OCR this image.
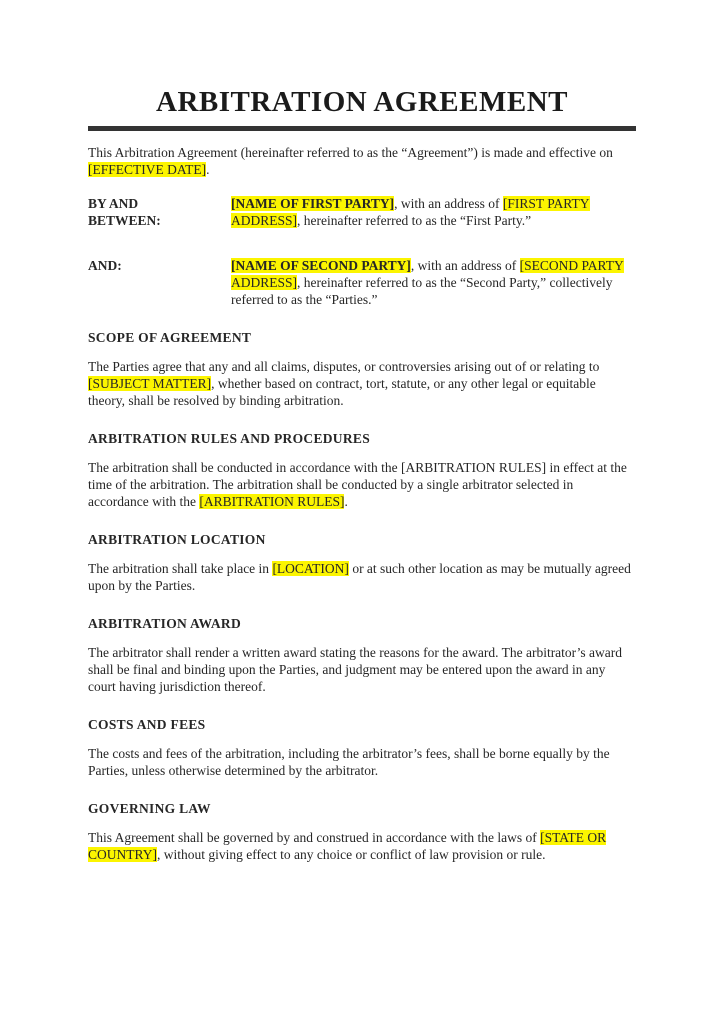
ARBITRATION AGREEMENT

This Arbitration Agreement (hereinafter referred to as the “Agreement”) is made and effective on [EFFECTIVE DATE].

BY AND BETWEEN:

[NAME OF FIRST PARTY], with an address of [FIRST PARTY ADDRESS], hereinafter referred to as the “First Party.”

AND:	[NAME OF SECOND PARTY], with an address of [SECOND PARTY ADDRESS], hereinafter referred to as the “Second Party,” collectively referred to as the “Parties.”

SCOPE OF AGREEMENT

The Parties agree that any and all claims, disputes, or controversies arising out of or relating to [SUBJECT MATTER], whether based on contract, tort, statute, or any other legal or equitable theory, shall be resolved by binding arbitration.

ARBITRATION RULES AND PROCEDURES

The arbitration shall be conducted in accordance with the [ARBITRATION RULES] in effect at the time of the arbitration. The arbitration shall be conducted by a single arbitrator selected in accordance with the [ARBITRATION RULES].

ARBITRATION LOCATION

The arbitration shall take place in [LOCATION] or at such other location as may be mutually agreed upon by the Parties.

ARBITRATION AWARD

The arbitrator shall render a written award stating the reasons for the award. The arbitrator’s award shall be final and binding upon the Parties, and judgment may be entered upon the award in any court having jurisdiction thereof.

COSTS AND FEES

The costs and fees of the arbitration, including the arbitrator’s fees, shall be borne equally by the Parties, unless otherwise determined by the arbitrator.

GOVERNING LAW

This Agreement shall be governed by and construed in accordance with the laws of [STATE OR COUNTRY], without giving effect to any choice or conflict of law provision or rule.
